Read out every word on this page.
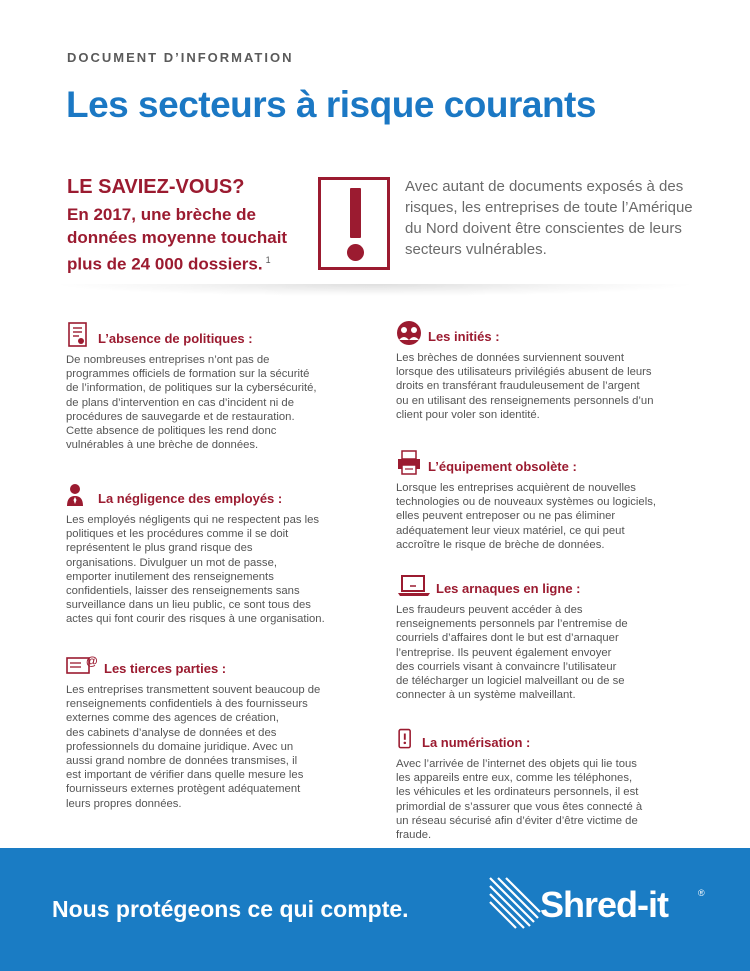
DOCUMENT D’INFORMATION
Les secteurs à risque courants
LE SAVIEZ-VOUS?
En 2017, une brèche de
données moyenne touchait
plus de 24 000 dossiers. $^1$
Avec autant de documents exposés à des
risques, les entreprises de toute l’Amérique
du Nord doivent être conscientes de leurs
secteurs vulnérables.
L’absence de politiques :
De nombreuses entreprises n’ont pas de
programmes officiels de formation sur la sécurité
de l’information, de politiques sur la cybersécurité,
de plans d’intervention en cas d’incident ni de
procédures de sauvegarde et de restauration.
Cette absence de politiques les rend donc
vulnérables à une brèche de données.
La négligence des employés :
Les employés négligents qui ne respectent pas les
politiques et les procédures comme il se doit
représentent le plus grand risque des
organisations. Divulguer un mot de passe,
emporter inutilement des renseignements
confidentiels, laisser des renseignements sans
surveillance dans un lieu public, ce sont tous des
actes qui font courir des risques à une organisation.
@ Les tierces parties :
Les entreprises transmettent souvent beaucoup de
renseignements confidentiels à des fournisseurs
externes comme des agences de création,
des cabinets d’analyse de données et des
professionnels du domaine juridique. Avec un
aussi grand nombre de données transmises, il
est important de vérifier dans quelle mesure les
fournisseurs externes protègent adéquatement
leurs propres données.
Les initiés :
Les brèches de données surviennent souvent
lorsque des utilisateurs privilégiés abusent de leurs
droits en transférant frauduleusement de l’argent
ou en utilisant des renseignements personnels d’un
client pour voler son identité.
L’équipement obsolète :
Lorsque les entreprises acquièrent de nouvelles
technologies ou de nouveaux systèmes ou logiciels,
elles peuvent entreposer ou ne pas éliminer
adéquatement leur vieux matériel, ce qui peut
accroître le risque de brèche de données.
Les arnaques en ligne :
Les fraudeurs peuvent accéder à des
renseignements personnels par l’entremise de
courriels d’affaires dont le but est d’arnaquer
l’entreprise. Ils peuvent également envoyer
des courriels visant à convaincre l’utilisateur
de télécharger un logiciel malveillant ou de se
connecter à un système malveillant.
La numérisation :
Avec l’arrivée de l’internet des objets qui lie tous
les appareils entre eux, comme les téléphones,
les véhicules et les ordinateurs personnels, il est
primordial de s’assurer que vous êtes connecté à
un réseau sécurisé afin d’éviter d’être victime de
fraude.
Nous protégeons ce qui compte.	Shred-it	®
